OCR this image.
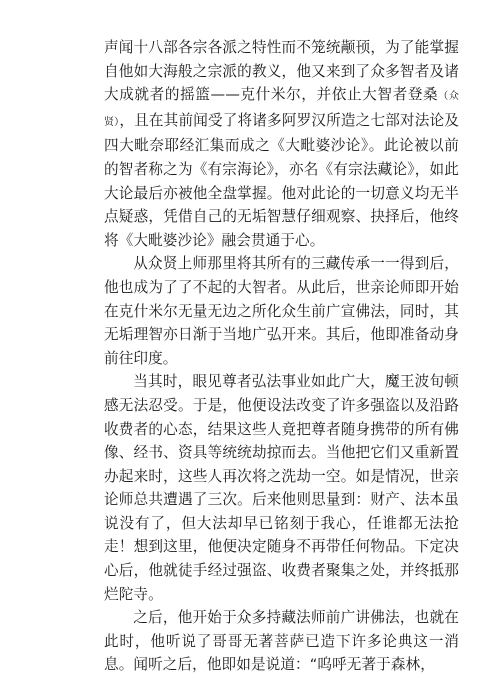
声闻十八部各宗各派之特性而不笼统颟顸，为了能掌握自他如大海般之宗派的教义，他又来到了众多智者及诸大成就者的摇篮——克什米尔，并依止大智者登桑（众贤），且在其前闻受了将诸多阿罗汉所造之七部对法论及四大毗奈耶经汇集而成之《大毗婆沙论》。此论被以前的智者称之为《有宗海论》，亦名《有宗法藏论》，如此大论最后亦被他全盘掌握。他对此论的一切意义均无半点疑惑，凭借自己的无垢智慧仔细观察、抉择后，他终将《大毗婆沙论》融会贯通于心。

从众贤上师那里将其所有的三藏传承一一得到后，他也成为了了不起的大智者。从此后，世亲论师即开始在克什米尔无量无边之所化众生前广宣佛法，同时，其无垢理智亦日渐于当地广弘开来。其后，他即准备动身前往印度。

当其时，眼见尊者弘法事业如此广大，魔王波旬顿感无法忍受。于是，他便设法改变了许多强盗以及沿路收费者的心态，结果这些人竟把尊者随身携带的所有佛像、经书、资具等统统劫掠而去。当他把它们又重新置办起来时，这些人再次将之洗劫一空。如是情况，世亲论师总共遭遇了三次。后来他则思量到：财产、法本虽说没有了，但大法却早已铭刻于我心，任谁都无法抢走！想到这里，他便决定随身不再带任何物品。下定决心后，他就徒手经过强盗、收费者聚集之处，并终抵那烂陀寺。

之后，他开始于众多持藏法师前广讲佛法，也就在此时，他听说了哥哥无著菩萨已造下许多论典这一消息。闻听之后，他即如是说道：“呜呼无著于森林，
